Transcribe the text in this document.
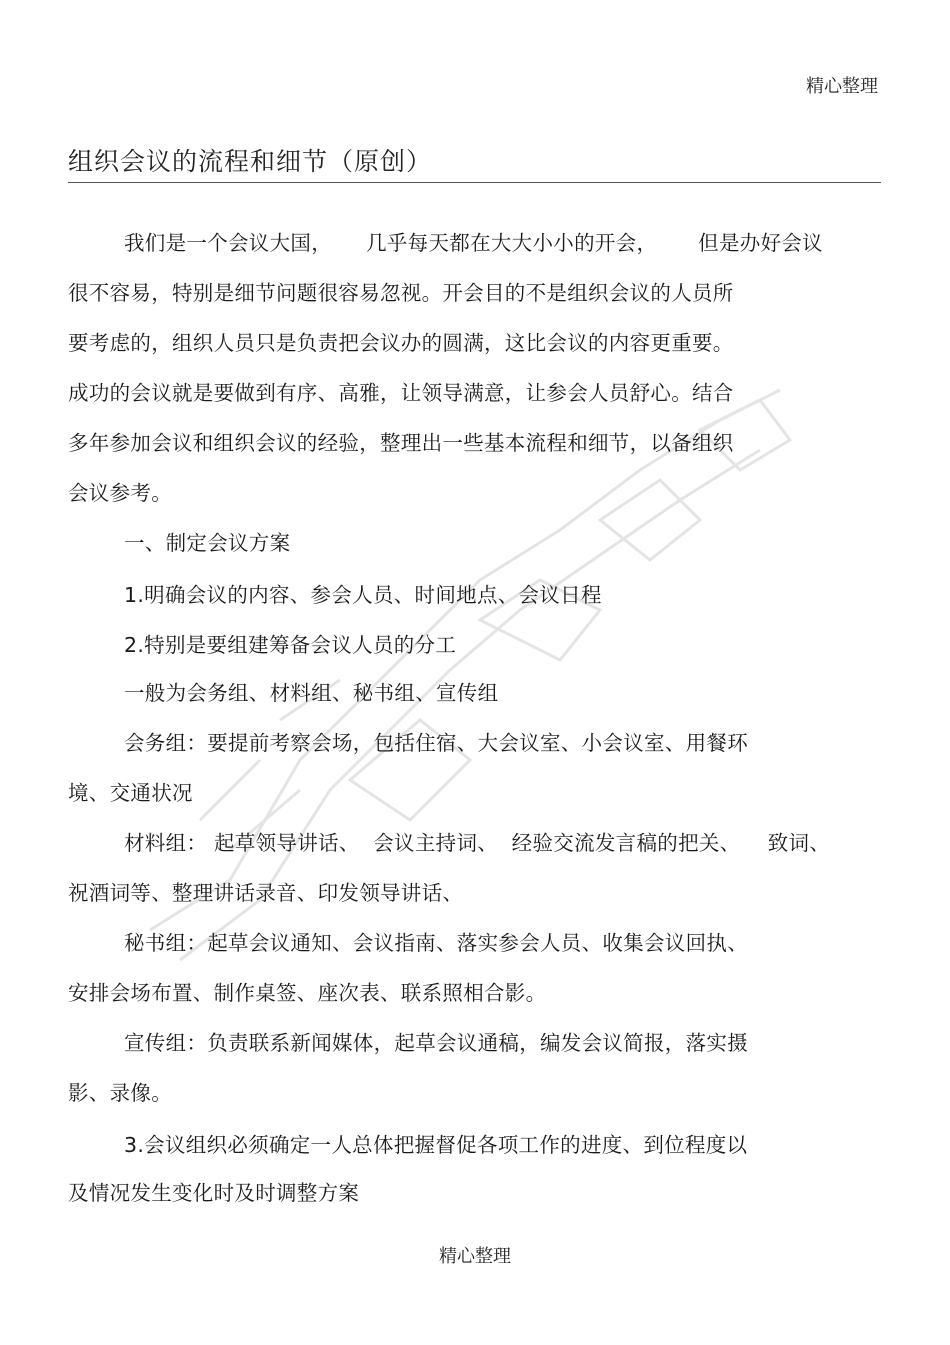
精心整理
组织会议的流程和细节（原创）
我们是一个会议大国，     几乎每天都在大大小小的开会，      但是办好会议
很不容易，特别是细节问题很容易忽视。开会目的不是组织会议的人员所
要考虑的，组织人员只是负责把会议办的圆满，这比会议的内容更重要。
成功的会议就是要做到有序、高雅，让领导满意，让参会人员舒心。结合
多年参加会议和组织会议的经验，整理出一些基本流程和细节，以备组织
会议参考。
一、制定会议方案
1.明确会议的内容、参会人员、时间地点、会议日程
2.特别是要组建筹备会议人员的分工
一般为会务组、材料组、秘书组、宣传组
会务组：要提前考察会场，包括住宿、大会议室、小会议室、用餐环
境、交通状况
材料组： 起草领导讲话、  会议主持词、  经验交流发言稿的把关、    致词、
祝酒词等、整理讲话录音、印发领导讲话、
秘书组：起草会议通知、会议指南、落实参会人员、收集会议回执、
安排会场布置、制作桌签、座次表、联系照相合影。
宣传组：负责联系新闻媒体，起草会议通稿，编发会议简报，落实摄
影、录像。
3.会议组织必须确定一人总体把握督促各项工作的进度、到位程度以
及情况发生变化时及时调整方案
精心整理
